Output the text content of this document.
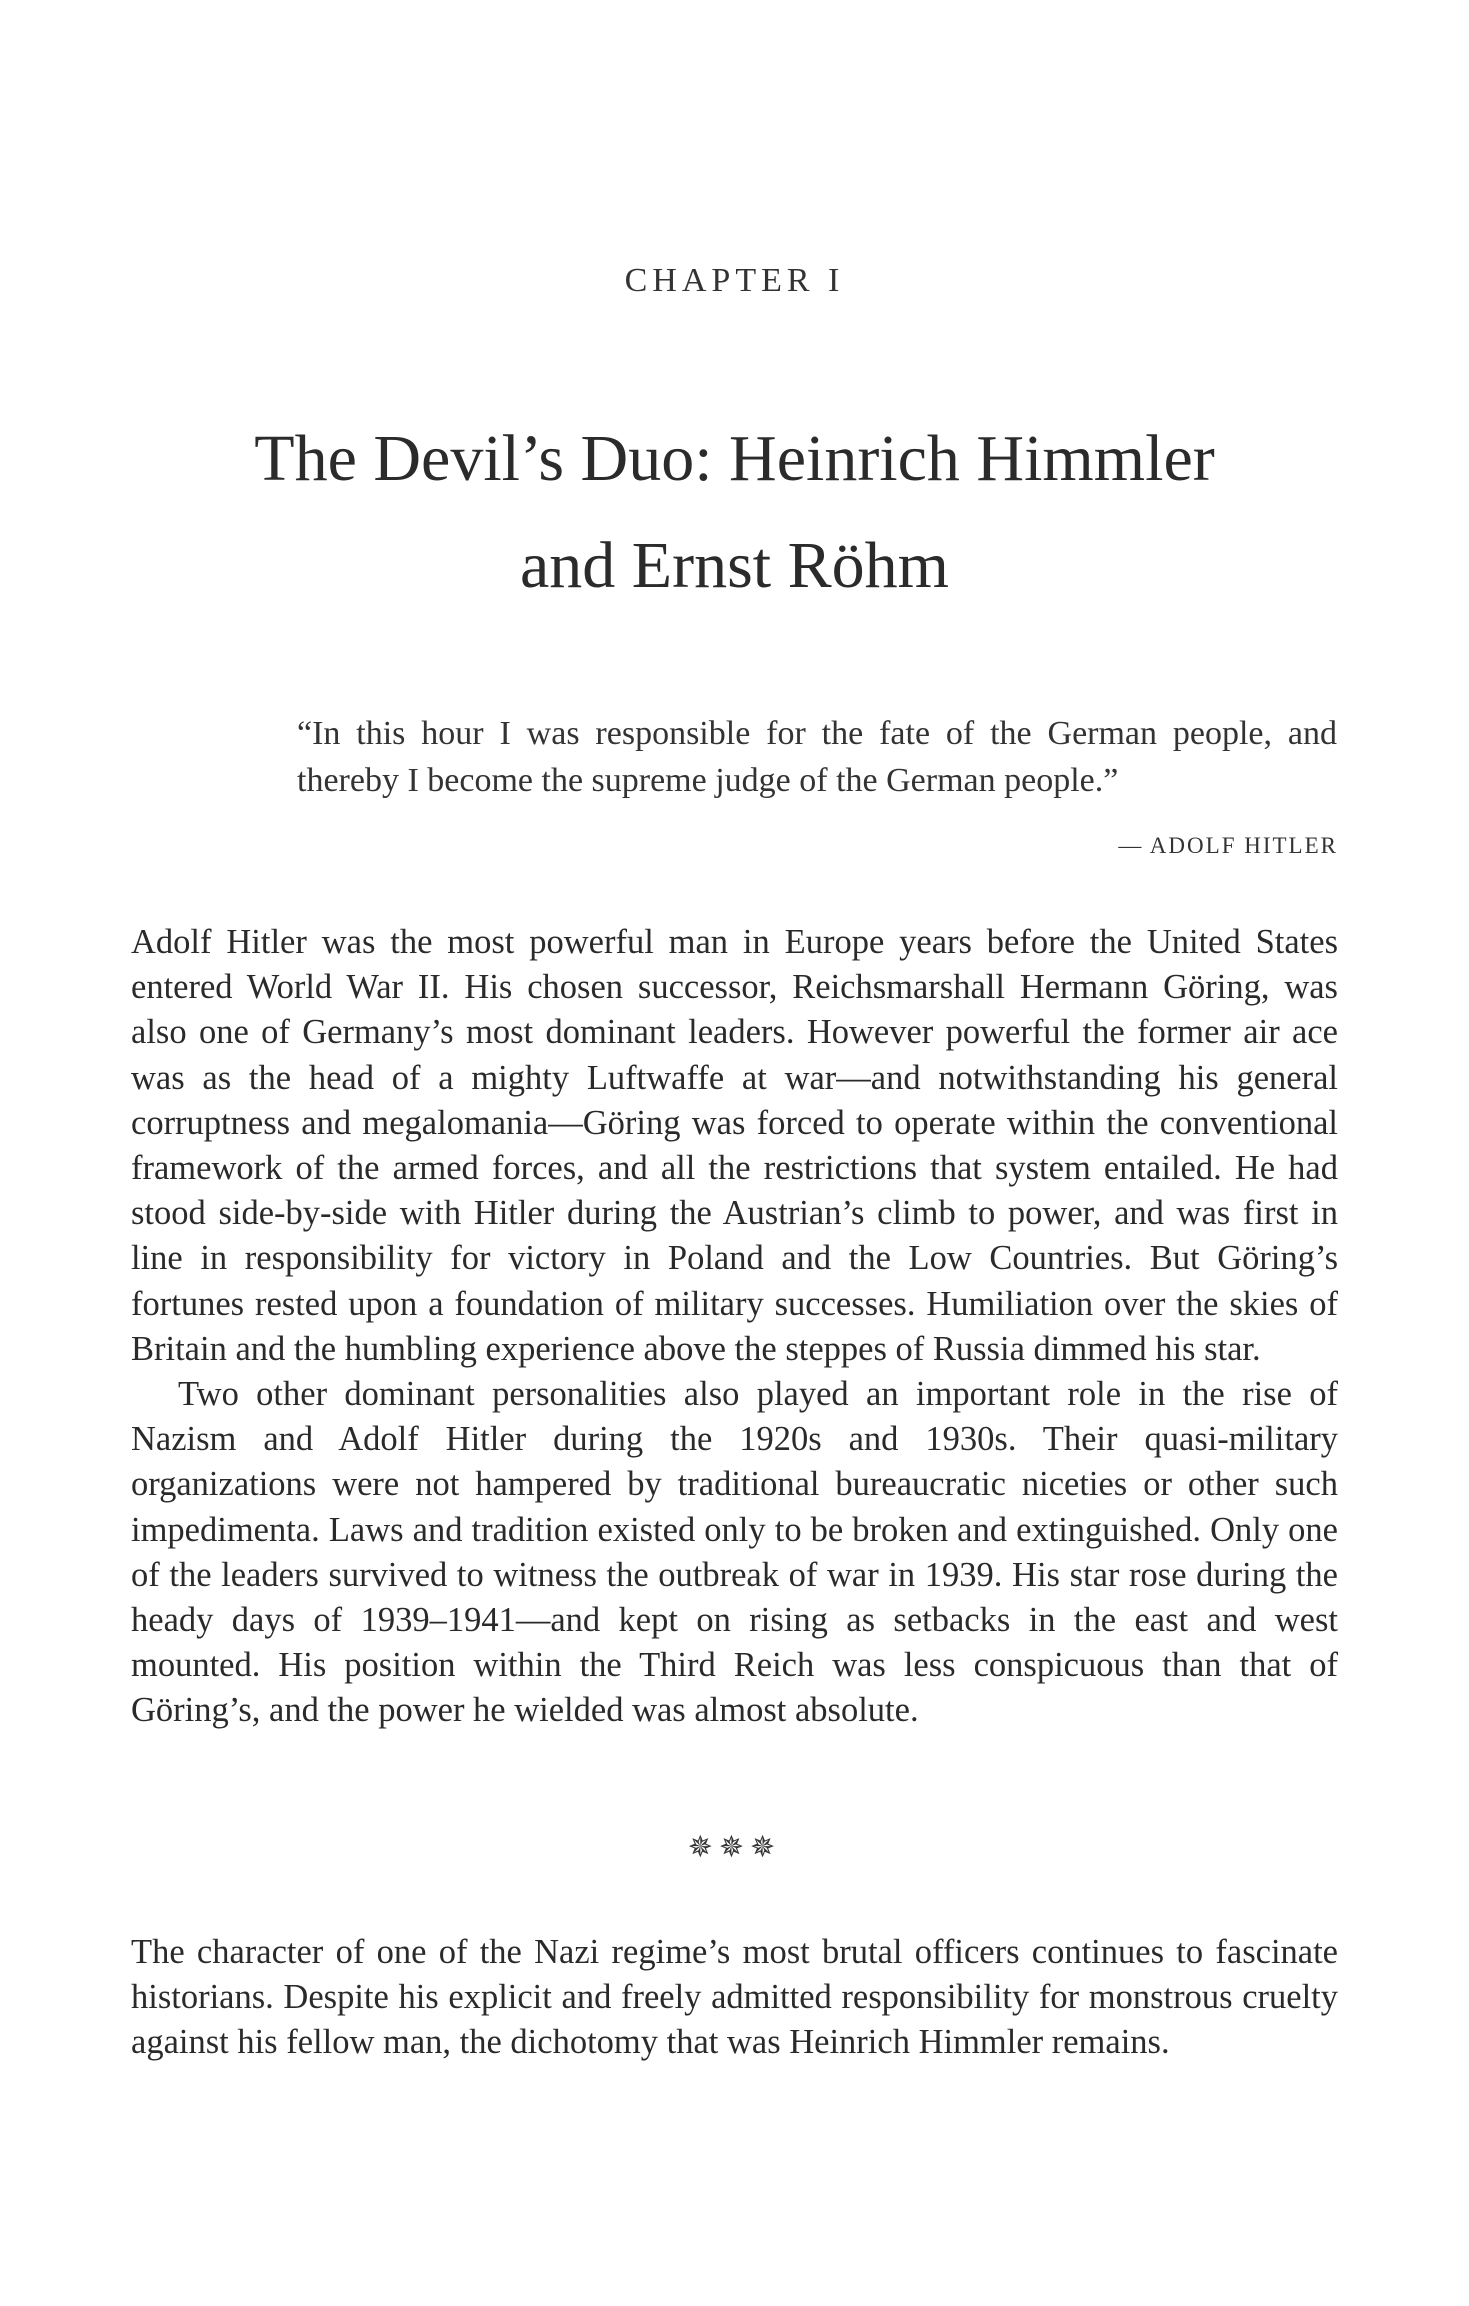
CHAPTER I
The Devil’s Duo: Heinrich Himmler
and Ernst Röhm
“In this hour I was responsible for the fate of the German people, and thereby I become the supreme judge of the German people.”
— ADOLF HITLER

Adolf Hitler was the most powerful man in Europe years before the United States entered World War II. His chosen successor, Reichsmarshall Hermann Göring, was also one of Germany’s most dominant leaders. However powerful the former air ace was as the head of a mighty Luftwaffe at war—and notwithstanding his general corruptness and megalomania—Göring was forced to operate within the conventional framework of the armed forces, and all the restrictions that system entailed. He had stood side-by-side with Hitler during the Austrian’s climb to power, and was first in line in responsibility for victory in Poland and the Low Countries. But Göring’s fortunes rested upon a foundation of military successes. Humiliation over the skies of Britain and the humbling experience above the steppes of Russia dimmed his star.

Two other dominant personalities also played an important role in the rise of Nazism and Adolf Hitler during the 1920s and 1930s. Their quasi-military organizations were not hampered by traditional bureaucratic niceties or other such impedimenta. Laws and tradition existed only to be broken and extinguished. Only one of the leaders survived to witness the outbreak of war in 1939. His star rose during the heady days of 1939–1941—and kept on rising as setbacks in the east and west mounted. His position within the Third Reich was less conspicuous than that of Göring’s, and the power he wielded was almost absolute.

✵✵✵

The character of one of the Nazi regime’s most brutal officers continues to fascinate historians. Despite his explicit and freely admitted responsibility for monstrous cruelty against his fellow man, the dichotomy that was Heinrich Himmler remains.
